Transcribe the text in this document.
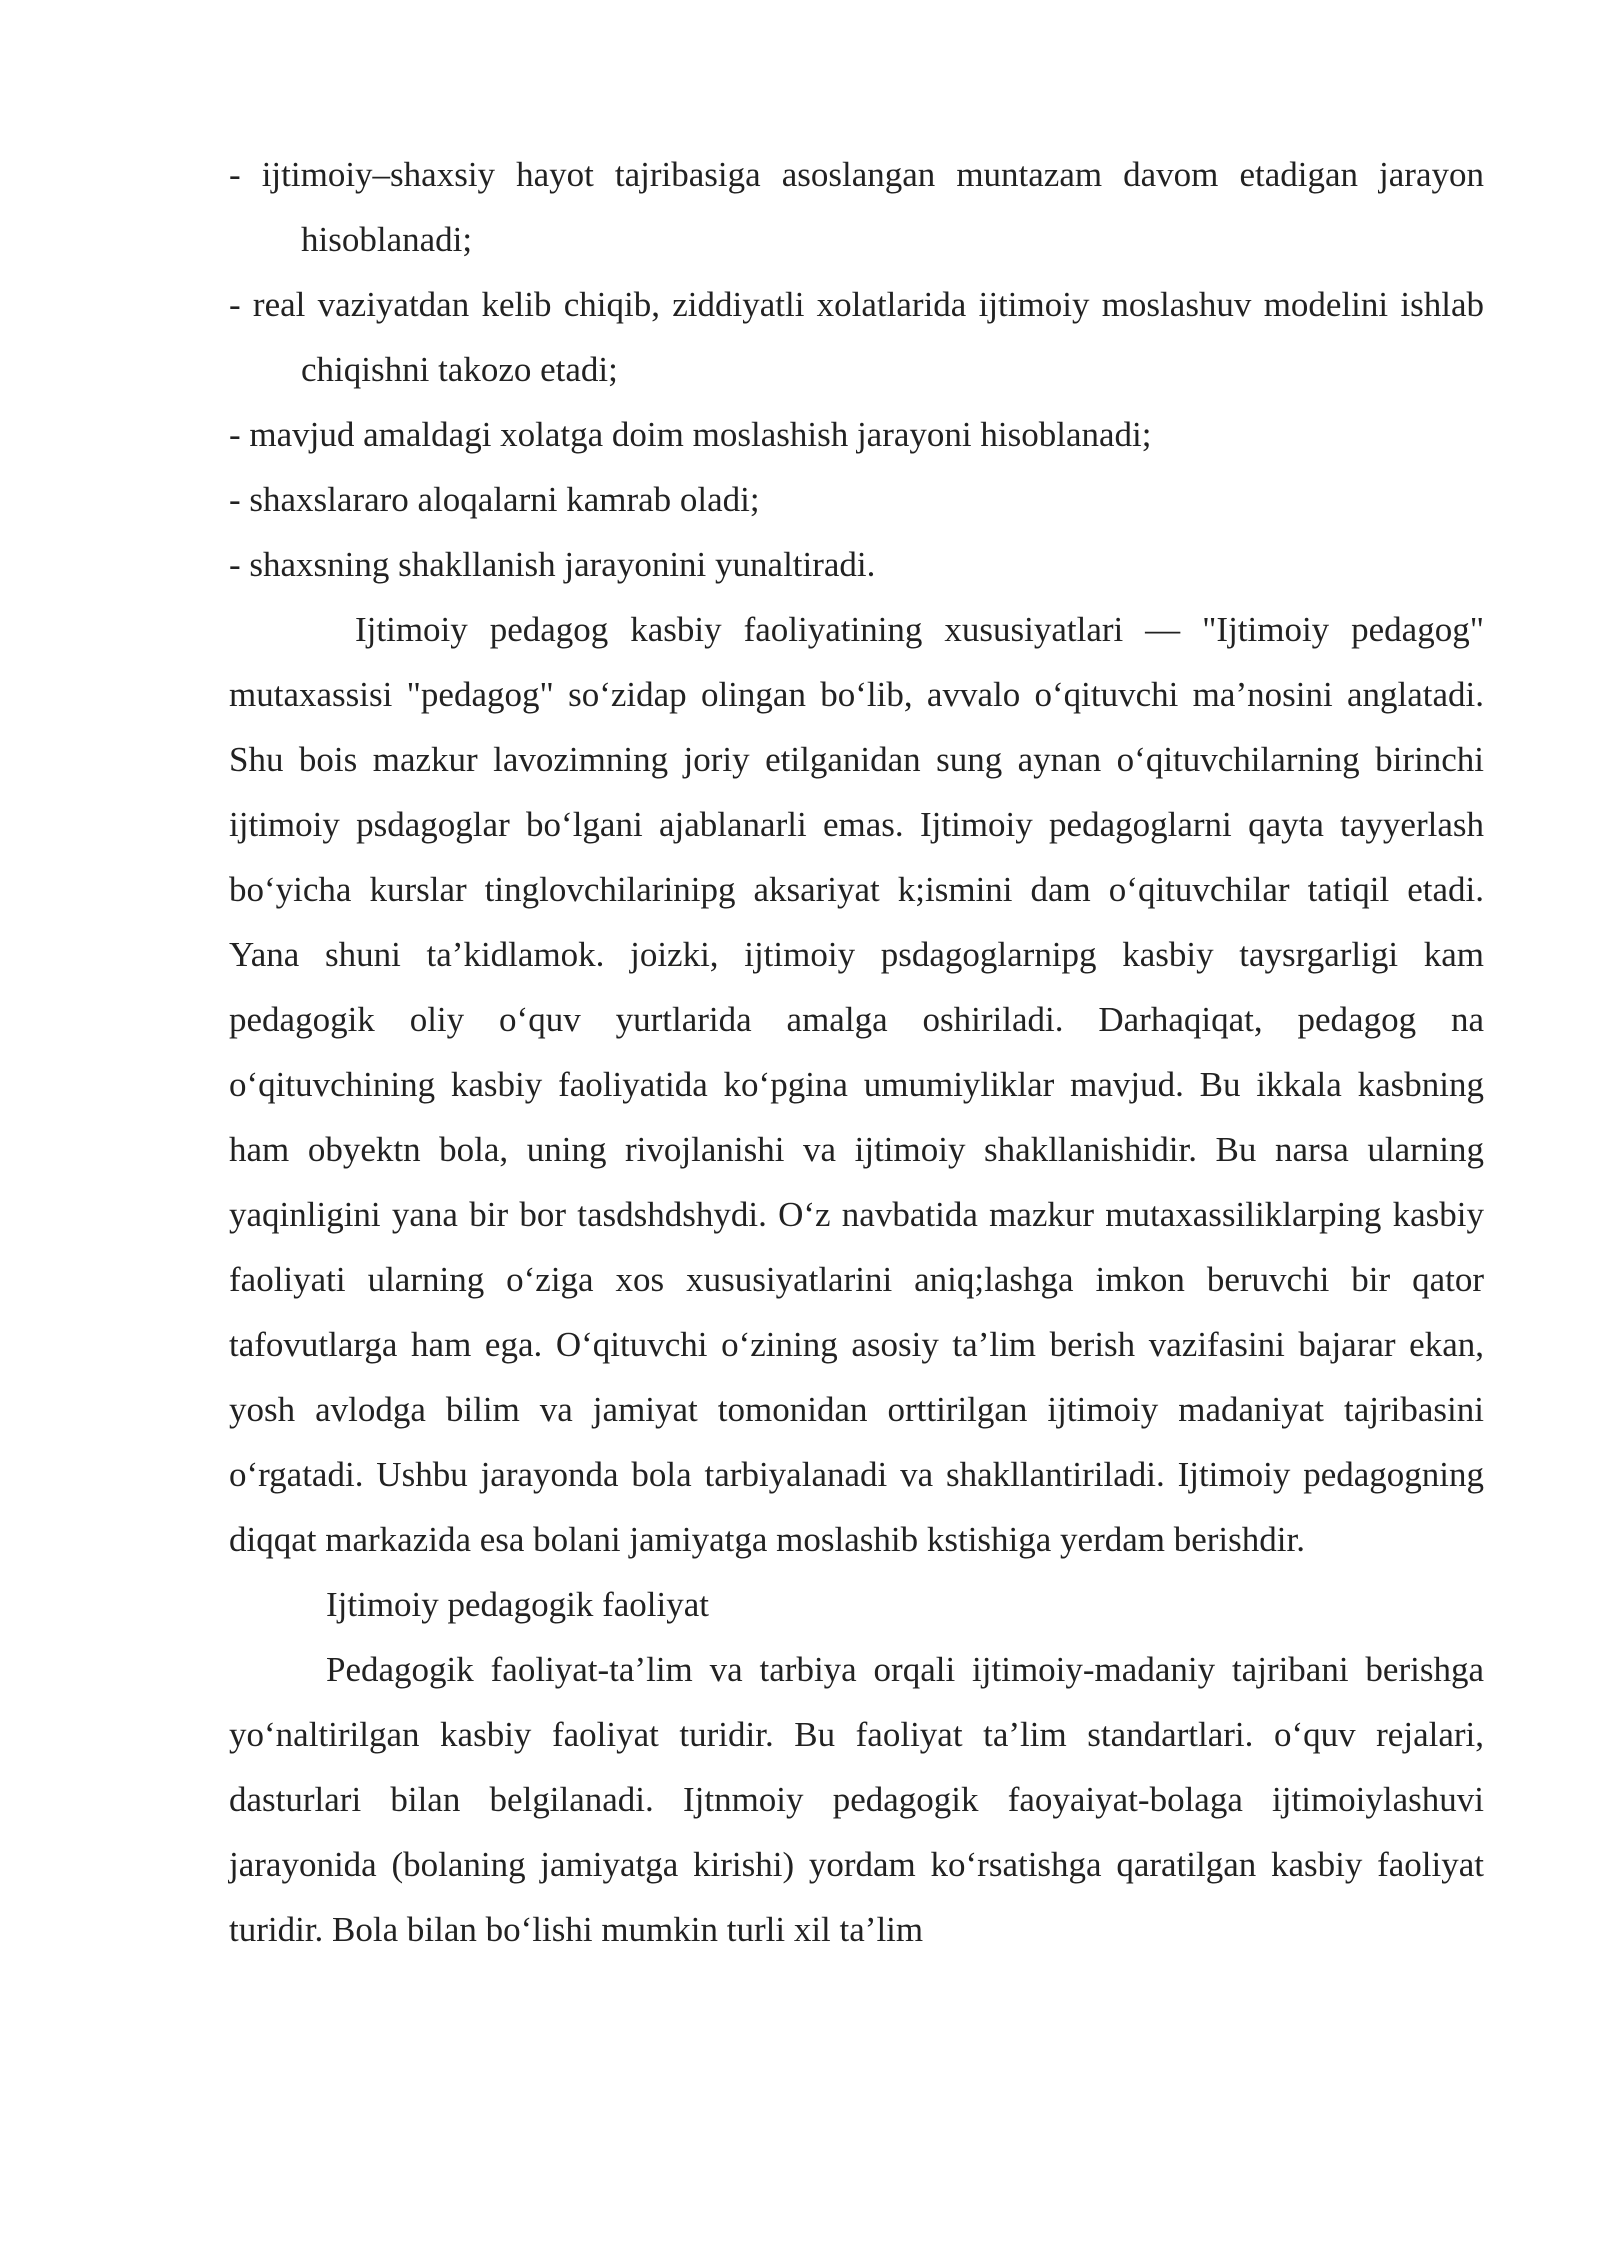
- ijtimoiy–shaxsiy hayot tajribasiga asoslangan muntazam davom etadigan jarayon hisoblanadi;
- real vaziyatdan kelib chiqib, ziddiyatli xolatlarida ijtimoiy moslashuv modelini ishlab chiqishni takozo etadi;
- mavjud amaldagi xolatga doim moslashish jarayoni hisoblanadi;
- shaxslararo aloqalarni kamrab oladi;
- shaxsning shakllanish jarayonini yunaltiradi.
Ijtimoiy pedagog kasbiy faoliyatining xususiyatlari — "Ijtimoiy pedagog" mutaxassisi "pedagog" so‘zidap olingan bo‘lib, avvalo o‘qituvchi ma’nosini anglatadi. Shu bois mazkur lavozimning joriy etilganidan sung aynan o‘qituvchilarning birinchi ijtimoiy psdagoglar bo‘lgani ajablanarli emas. Ijtimoiy pedagoglarni qayta tayyerlash bo‘yicha kurslar tinglovchilarinipg aksariyat k;ismini dam o‘qituvchilar tatiqil etadi. Yana shuni ta’kidlamok. joizki, ijtimoiy psdagoglarnipg kasbiy taysrgarligi kam pedagogik oliy o‘quv yurtlarida amalga oshiriladi. Darhaqiqat, pedagog na o‘qituvchining kasbiy faoliyatida ko‘pgina umumiyliklar mavjud. Bu ikkala kasbning ham obyektn bola, uning rivojlanishi va ijtimoiy shakllanishidir. Bu narsa ularning yaqinligini yana bir bor tasdshdshydi. O‘z navbatida mazkur mutaxassiliklarping kasbiy faoliyati ularning o‘ziga xos xususiyatlarini aniq;lashga imkon beruvchi bir qator tafovutlarga ham ega. O‘qituvchi o‘zining asosiy ta’lim berish vazifasini bajarar ekan, yosh avlodga bilim va jamiyat tomonidan orttirilgan ijtimoiy madaniyat tajribasini o‘rgatadi. Ushbu jarayonda bola tarbiyalanadi va shakllantiriladi. Ijtimoiy pedagogning diqqat markazida esa bolani jamiyatga moslashib kstishiga yerdam berishdir.
Ijtimoiy pedagogik faoliyat
Pedagogik faoliyat-ta’lim va tarbiya orqali ijtimoiy-madaniy tajribani berishga yo‘naltirilgan kasbiy faoliyat turidir. Bu faoliyat ta’lim standartlari. o‘quv rejalari, dasturlari bilan belgilanadi. Ijtnmoiy pedagogik faoyaiyat-bolaga ijtimoiylashuvi jarayonida (bolaning jamiyatga kirishi) yordam ko‘rsatishga qaratilgan kasbiy faoliyat turidir. Bola bilan bo‘lishi mumkin turli xil ta’lim
